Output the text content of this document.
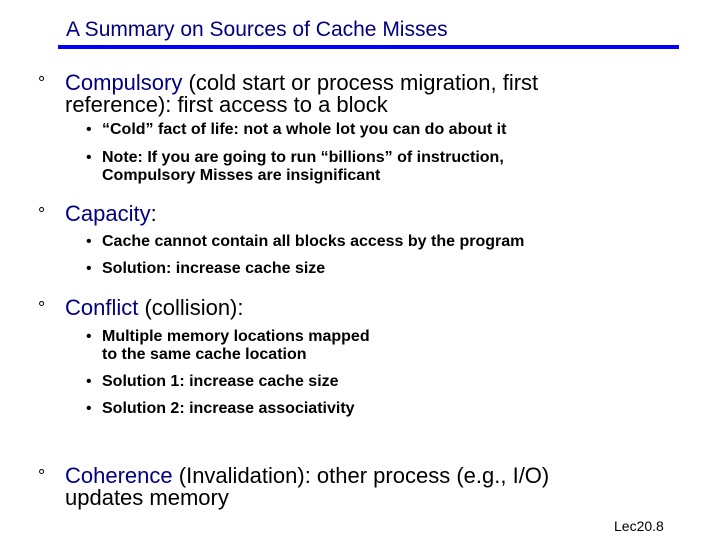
A Summary on Sources of Cache Misses
° Compulsory (cold start or process migration, first
reference): first access to a block
• “Cold” fact of life: not a whole lot you can do about it
• Note: If you are going to run “billions” of instruction,
Compulsory Misses are insignificant
° Capacity:
• Cache cannot contain all blocks access by the program
• Solution: increase cache size
° Conflict (collision):
• Multiple memory locations mapped
to the same cache location
• Solution 1: increase cache size
• Solution 2: increase associativity
° Coherence (Invalidation): other process (e.g., I/O)
updates memory
Lec20.8
